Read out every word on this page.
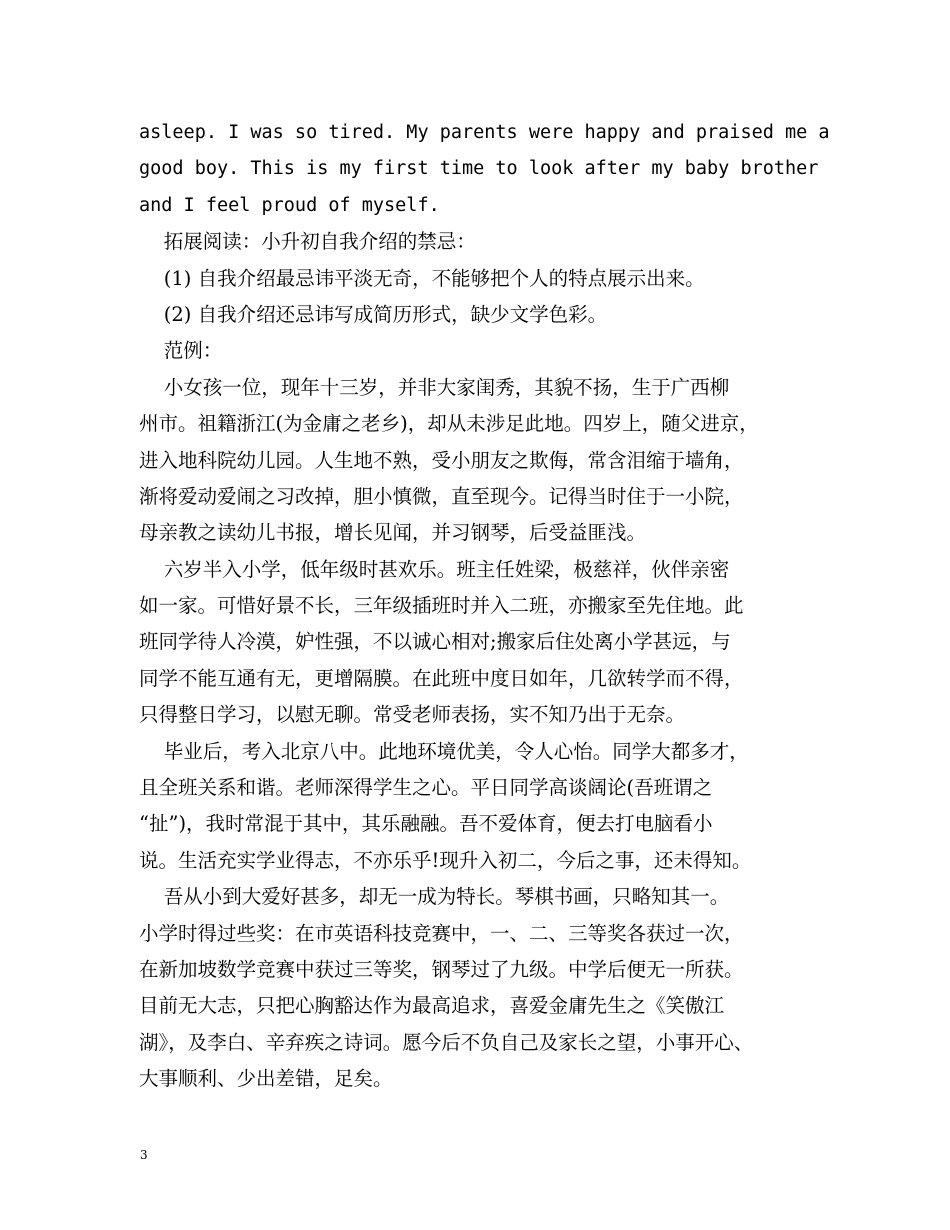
asleep. I was so tired. My parents were happy and praised me a
good boy. This is my first time to look after my baby brother
and I feel proud of myself.
拓展阅读：小升初自我介绍的禁忌：
(1) 自我介绍最忌讳平淡无奇，不能够把个人的特点展示出来。
(2) 自我介绍还忌讳写成简历形式，缺少文学色彩。
范例：
小女孩一位，现年十三岁，并非大家闺秀，其貌不扬，生于广西柳
州市。祖籍浙江(为金庸之老乡)，却从未涉足此地。四岁上，随父进京，
进入地科院幼儿园。人生地不熟，受小朋友之欺侮，常含泪缩于墙角，
渐将爱动爱闹之习改掉，胆小慎微，直至现今。记得当时住于一小院，
母亲教之读幼儿书报，增长见闻，并习钢琴，后受益匪浅。
六岁半入小学，低年级时甚欢乐。班主任姓梁，极慈祥，伙伴亲密
如一家。可惜好景不长，三年级插班时并入二班，亦搬家至先住地。此
班同学待人冷漠，妒性强，不以诚心相对;搬家后住处离小学甚远，与
同学不能互通有无，更增隔膜。在此班中度日如年，几欲转学而不得，
只得整日学习，以慰无聊。常受老师表扬，实不知乃出于无奈。
毕业后，考入北京八中。此地环境优美，令人心怡。同学大都多才，
且全班关系和谐。老师深得学生之心。平日同学高谈阔论(吾班谓之
“扯”)，我时常混于其中，其乐融融。吾不爱体育，便去打电脑看小
说。生活充实学业得志，不亦乐乎!现升入初二，今后之事，还未得知。
吾从小到大爱好甚多，却无一成为特长。琴棋书画，只略知其一。
小学时得过些奖：在市英语科技竞赛中，一、二、三等奖各获过一次，
在新加坡数学竞赛中获过三等奖，钢琴过了九级。中学后便无一所获。
目前无大志，只把心胸豁达作为最高追求，喜爱金庸先生之《笑傲江
湖》，及李白、辛弃疾之诗词。愿今后不负自己及家长之望，小事开心、
大事顺利、少出差错，足矣。
3
